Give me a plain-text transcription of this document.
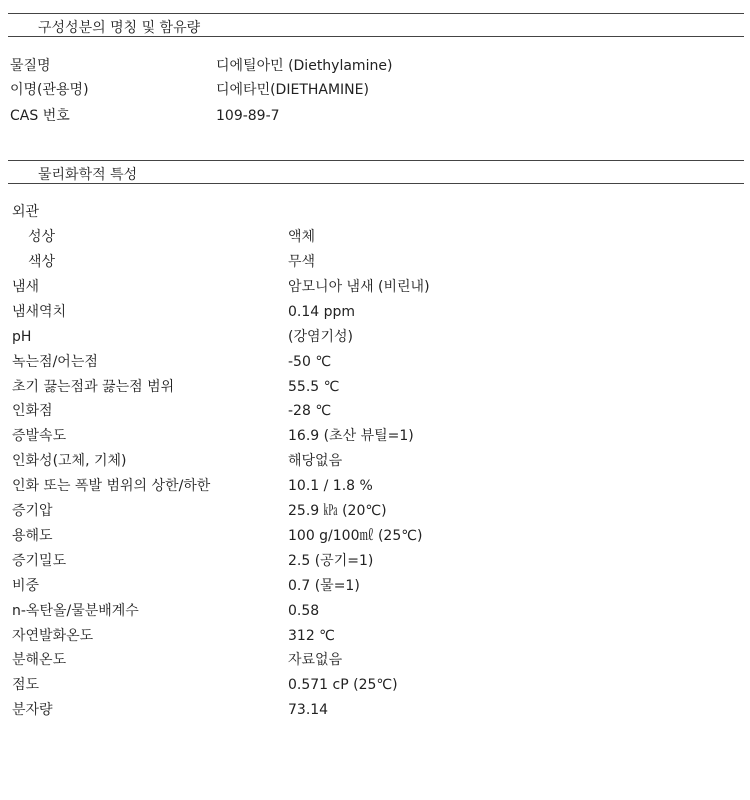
구성성분의 명칭 및 함유량
물질명	디에틸아민 (Diethylamine)
이명(관용명)	디에타민(DIETHAMINE)
CAS 번호	109-89-7
물리화학적 특성
외관
성상	액체
색상	무색
냄새	암모니아 냄새 (비린내)
냄새역치	0.14 ppm
pH	(강염기성)
녹는점/어는점	-50 ℃
초기 끓는점과 끓는점 범위	55.5 ℃
인화점	-28 ℃
증발속도	16.9 (초산 뷰틸=1)
인화성(고체, 기체)	해당없음
인화 또는 폭발 범위의 상한/하한	10.1 / 1.8 %
증기압	25.9 ㎪ (20℃)
용해도	100 g/100㎖ (25℃)
증기밀도	2.5 (공기=1)
비중	0.7 (물=1)
n-옥탄올/물분배계수	0.58
자연발화온도	312 ℃
분해온도	자료없음
점도	0.571 cP (25℃)
분자량	73.14
